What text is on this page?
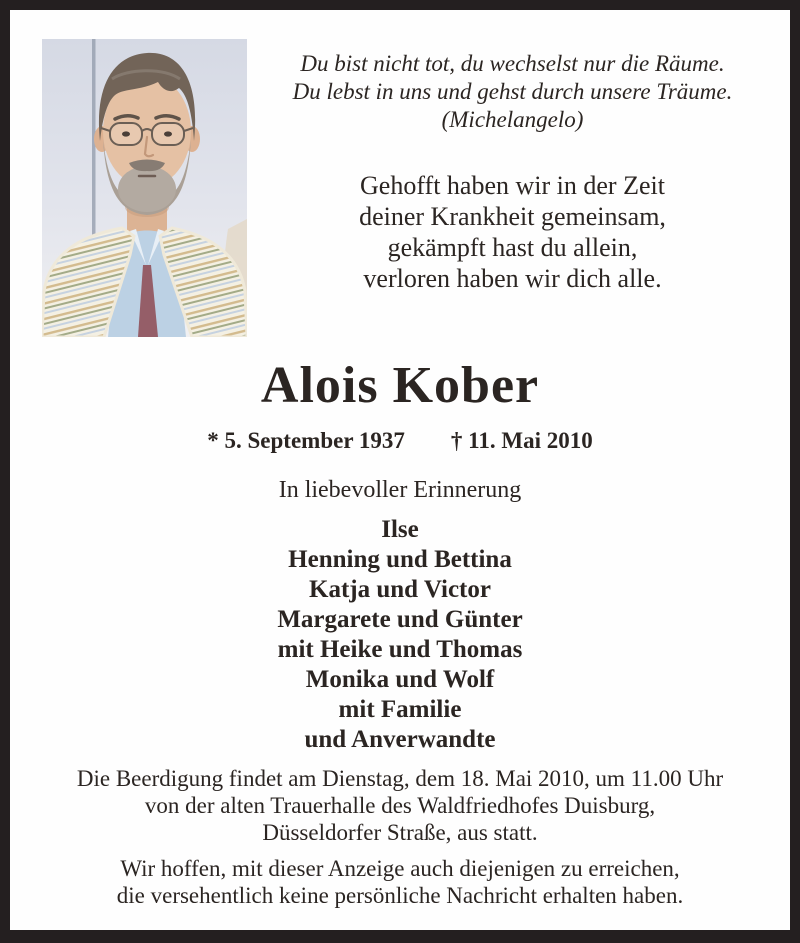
Du bist nicht tot, du wechselst nur die Räume.
Du lebst in uns und gehst durch unsere Träume.
(Michelangelo)
Gehofft haben wir in der Zeit
deiner Krankheit gemeinsam,
gekämpft hast du allein,
verloren haben wir dich alle.
Alois Kober
* 5. September 1937 † 11. Mai 2010
In liebevoller Erinnerung
Ilse
Henning und Bettina
Katja und Victor
Margarete und Günter
mit Heike und Thomas
Monika und Wolf
mit Familie
und Anverwandte
Die Beerdigung findet am Dienstag, dem 18. Mai 2010, um 11.00 Uhr
von der alten Trauerhalle des Waldfriedhofes Duisburg,
Düsseldorfer Straße, aus statt.
Wir hoffen, mit dieser Anzeige auch diejenigen zu erreichen,
die versehentlich keine persönliche Nachricht erhalten haben.
